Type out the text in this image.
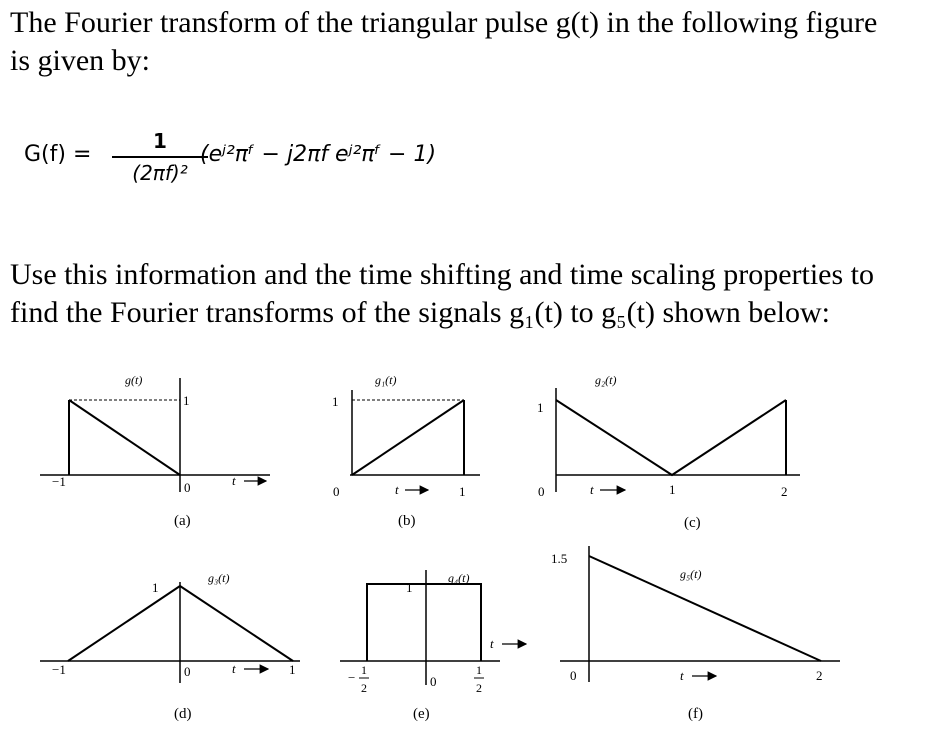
The Fourier transform of the triangular pulse g(t) in the following figure
is given by:

G(f) =
1
(2πf)²
(eʲ²πᶠ − j2πf eʲ²πᶠ − 1)

Use this information and the time shifting and time scaling properties to
find the Fourier transforms of the signals g₁(t) to g₅(t) shown below:

−1	0
1
g(t)
t
(a)
1
0	1
g₁(t)
t
(b)
1
0	1	2
g₂(t)
t
(c)
−1	0	1
1
g₃(t)
t
(d)
1
0
− 1
2
1
2
g₄(t)
t
(e)
1.5
0	2
g₅(t)
t
(f)
